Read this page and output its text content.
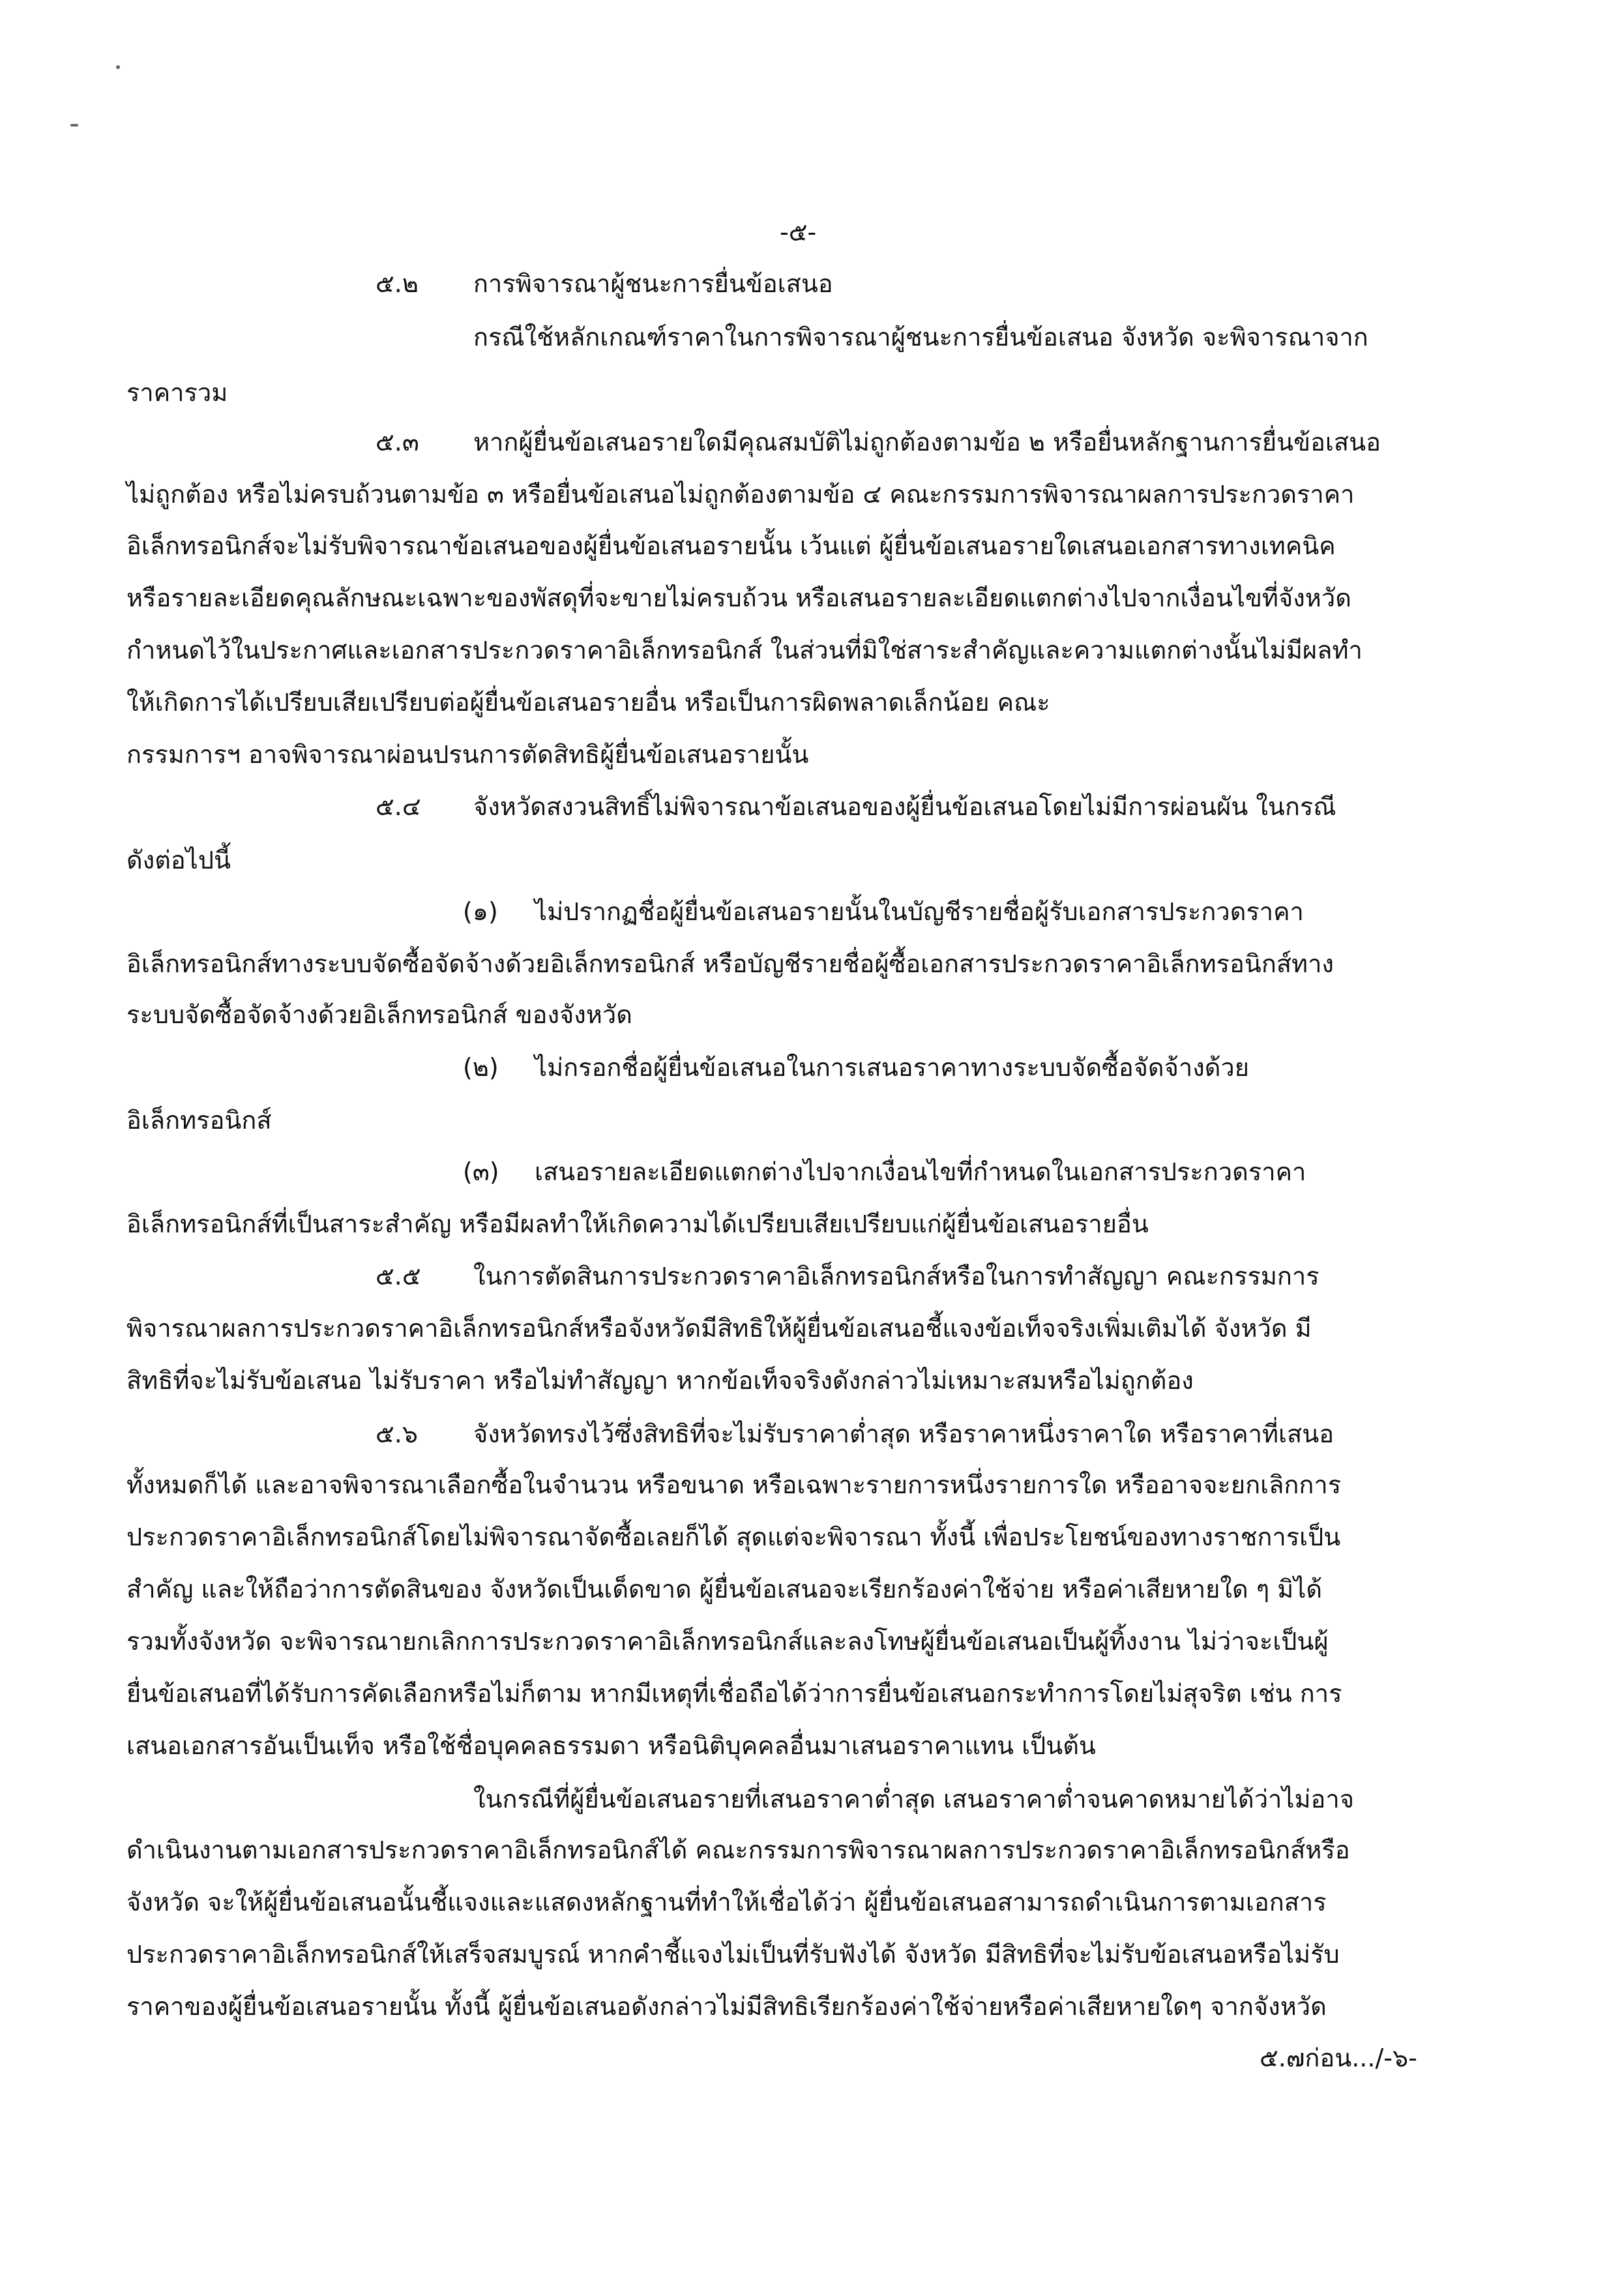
-๕-

๕.๒ การพิจารณาผู้ชนะการยื่นข้อเสนอ

กรณีใช้หลักเกณฑ์ราคาในการพิจารณาผู้ชนะการยื่นข้อเสนอ จังหวัด จะพิจารณาจาก

ราคารวม

๕.๓ หากผู้ยื่นข้อเสนอรายใดมีคุณสมบัติไม่ถูกต้องตามข้อ ๒ หรือยื่นหลักฐานการยื่นข้อเสนอ

ไม่ถูกต้อง หรือไม่ครบถ้วนตามข้อ ๓ หรือยื่นข้อเสนอไม่ถูกต้องตามข้อ ๔ คณะกรรมการพิจารณาผลการประกวดราคา

อิเล็กทรอนิกส์จะไม่รับพิจารณาข้อเสนอของผู้ยื่นข้อเสนอรายนั้น เว้นแต่ ผู้ยื่นข้อเสนอรายใดเสนอเอกสารทางเทคนิค

หรือรายละเอียดคุณลักษณะเฉพาะของพัสดุที่จะขายไม่ครบถ้วน หรือเสนอรายละเอียดแตกต่างไปจากเงื่อนไขที่จังหวัด

กำหนดไว้ในประกาศและเอกสารประกวดราคาอิเล็กทรอนิกส์ ในส่วนที่มิใช่สาระสำคัญและความแตกต่างนั้นไม่มีผลทำ

ให้เกิดการได้เปรียบเสียเปรียบต่อผู้ยื่นข้อเสนอรายอื่น หรือเป็นการผิดพลาดเล็กน้อย คณะ

กรรมการฯ อาจพิจารณาผ่อนปรนการตัดสิทธิผู้ยื่นข้อเสนอรายนั้น

๕.๔ จังหวัดสงวนสิทธิ์ไม่พิจารณาข้อเสนอของผู้ยื่นข้อเสนอโดยไม่มีการผ่อนผัน ในกรณี

ดังต่อไปนี้

(๑) ไม่ปรากฏชื่อผู้ยื่นข้อเสนอรายนั้นในบัญชีรายชื่อผู้รับเอกสารประกวดราคา

อิเล็กทรอนิกส์ทางระบบจัดซื้อจัดจ้างด้วยอิเล็กทรอนิกส์ หรือบัญชีรายชื่อผู้ซื้อเอกสารประกวดราคาอิเล็กทรอนิกส์ทาง

ระบบจัดซื้อจัดจ้างด้วยอิเล็กทรอนิกส์ ของจังหวัด

(๒) ไม่กรอกชื่อผู้ยื่นข้อเสนอในการเสนอราคาทางระบบจัดซื้อจัดจ้างด้วย

อิเล็กทรอนิกส์

(๓) เสนอรายละเอียดแตกต่างไปจากเงื่อนไขที่กำหนดในเอกสารประกวดราคา

อิเล็กทรอนิกส์ที่เป็นสาระสำคัญ หรือมีผลทำให้เกิดความได้เปรียบเสียเปรียบแก่ผู้ยื่นข้อเสนอรายอื่น

๕.๕ ในการตัดสินการประกวดราคาอิเล็กทรอนิกส์หรือในการทำสัญญา คณะกรรมการ

พิจารณาผลการประกวดราคาอิเล็กทรอนิกส์หรือจังหวัดมีสิทธิให้ผู้ยื่นข้อเสนอชี้แจงข้อเท็จจริงเพิ่มเติมได้ จังหวัด มี

สิทธิที่จะไม่รับข้อเสนอ ไม่รับราคา หรือไม่ทำสัญญา หากข้อเท็จจริงดังกล่าวไม่เหมาะสมหรือไม่ถูกต้อง

๕.๖ จังหวัดทรงไว้ซึ่งสิทธิที่จะไม่รับราคาต่ำสุด หรือราคาหนึ่งราคาใด หรือราคาที่เสนอ

ทั้งหมดก็ได้ และอาจพิจารณาเลือกซื้อในจำนวน หรือขนาด หรือเฉพาะรายการหนึ่งรายการใด หรืออาจจะยกเลิกการ

ประกวดราคาอิเล็กทรอนิกส์โดยไม่พิจารณาจัดซื้อเลยก็ได้ สุดแต่จะพิจารณา ทั้งนี้ เพื่อประโยชน์ของทางราชการเป็น

สำคัญ และให้ถือว่าการตัดสินของ จังหวัดเป็นเด็ดขาด ผู้ยื่นข้อเสนอจะเรียกร้องค่าใช้จ่าย หรือค่าเสียหายใด ๆ มิได้

รวมทั้งจังหวัด จะพิจารณายกเลิกการประกวดราคาอิเล็กทรอนิกส์และลงโทษผู้ยื่นข้อเสนอเป็นผู้ทิ้งงาน ไม่ว่าจะเป็นผู้

ยื่นข้อเสนอที่ได้รับการคัดเลือกหรือไม่ก็ตาม หากมีเหตุที่เชื่อถือได้ว่าการยื่นข้อเสนอกระทำการโดยไม่สุจริต เช่น การ

เสนอเอกสารอันเป็นเท็จ หรือใช้ชื่อบุคคลธรรมดา หรือนิติบุคคลอื่นมาเสนอราคาแทน เป็นต้น

ในกรณีที่ผู้ยื่นข้อเสนอรายที่เสนอราคาต่ำสุด เสนอราคาต่ำจนคาดหมายได้ว่าไม่อาจ

ดำเนินงานตามเอกสารประกวดราคาอิเล็กทรอนิกส์ได้ คณะกรรมการพิจารณาผลการประกวดราคาอิเล็กทรอนิกส์หรือ

จังหวัด จะให้ผู้ยื่นข้อเสนอนั้นชี้แจงและแสดงหลักฐานที่ทำให้เชื่อได้ว่า ผู้ยื่นข้อเสนอสามารถดำเนินการตามเอกสาร

ประกวดราคาอิเล็กทรอนิกส์ให้เสร็จสมบูรณ์ หากคำชี้แจงไม่เป็นที่รับฟังได้ จังหวัด มีสิทธิที่จะไม่รับข้อเสนอหรือไม่รับ

ราคาของผู้ยื่นข้อเสนอรายนั้น ทั้งนี้ ผู้ยื่นข้อเสนอดังกล่าวไม่มีสิทธิเรียกร้องค่าใช้จ่ายหรือค่าเสียหายใดๆ จากจังหวัด

๕.๗ก่อน.../-๖-
